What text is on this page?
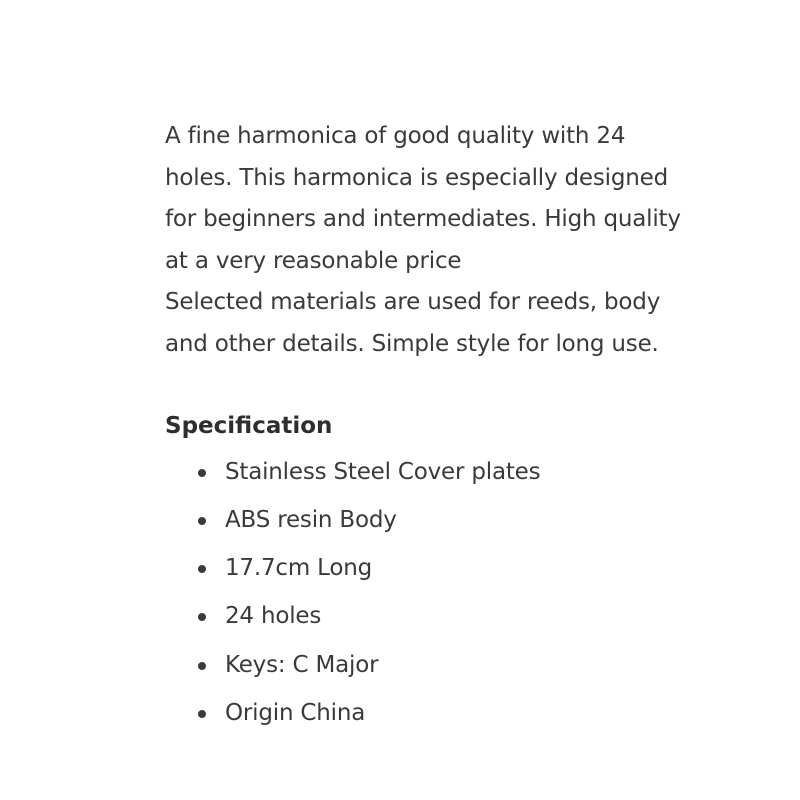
A fine harmonica of good quality with 24
holes. This harmonica is especially designed
for beginners and intermediates. High quality
at a very reasonable price
Selected materials are used for reeds, body
and other details. Simple style for long use.
Specification
Stainless Steel Cover plates
ABS resin Body
17.7cm Long
24 holes
Keys: C Major
Origin China
